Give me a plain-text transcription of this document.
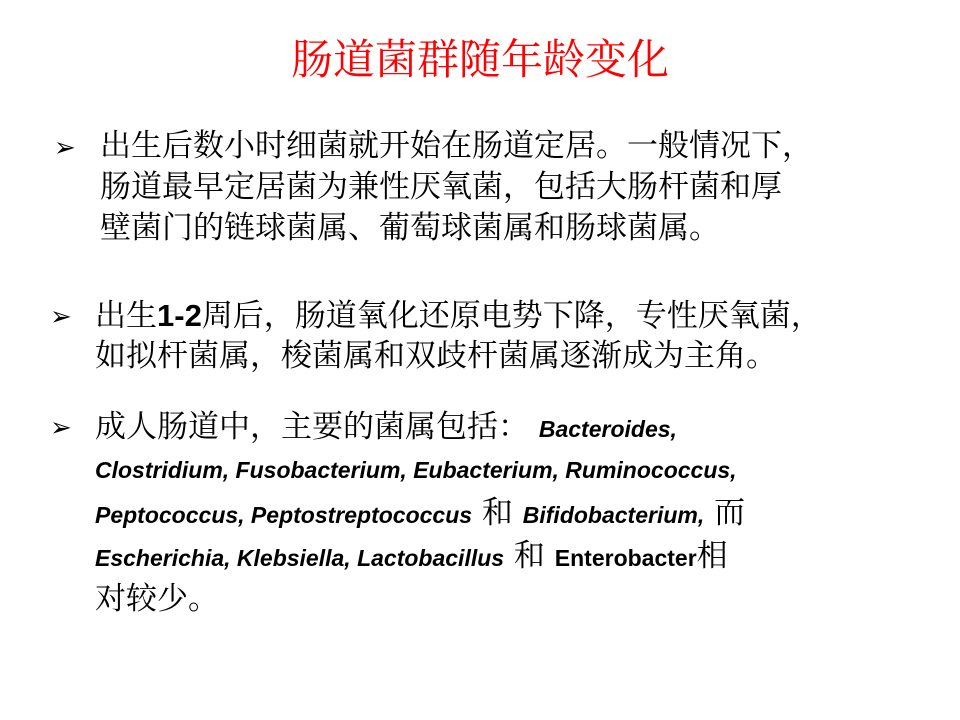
肠道菌群随年龄变化
➢ 出生后数小时细菌就开始在肠道定居。一般情况下，
肠道最早定居菌为兼性厌氧菌，包括大肠杆菌和厚
壁菌门的链球菌属、葡萄球菌属和肠球菌属。
➢ 出生1-2周后，肠道氧化还原电势下降，专性厌氧菌，
如拟杆菌属，梭菌属和双歧杆菌属逐渐成为主角。
➢ 成人肠道中，主要的菌属包括： Bacteroides,
Clostridium, Fusobacterium, Eubacterium, Ruminococcus,
Peptococcus, Peptostreptococcus 和 Bifidobacterium, 而
Escherichia, Klebsiella, Lactobacillus 和 Enterobacter相
对较少。
